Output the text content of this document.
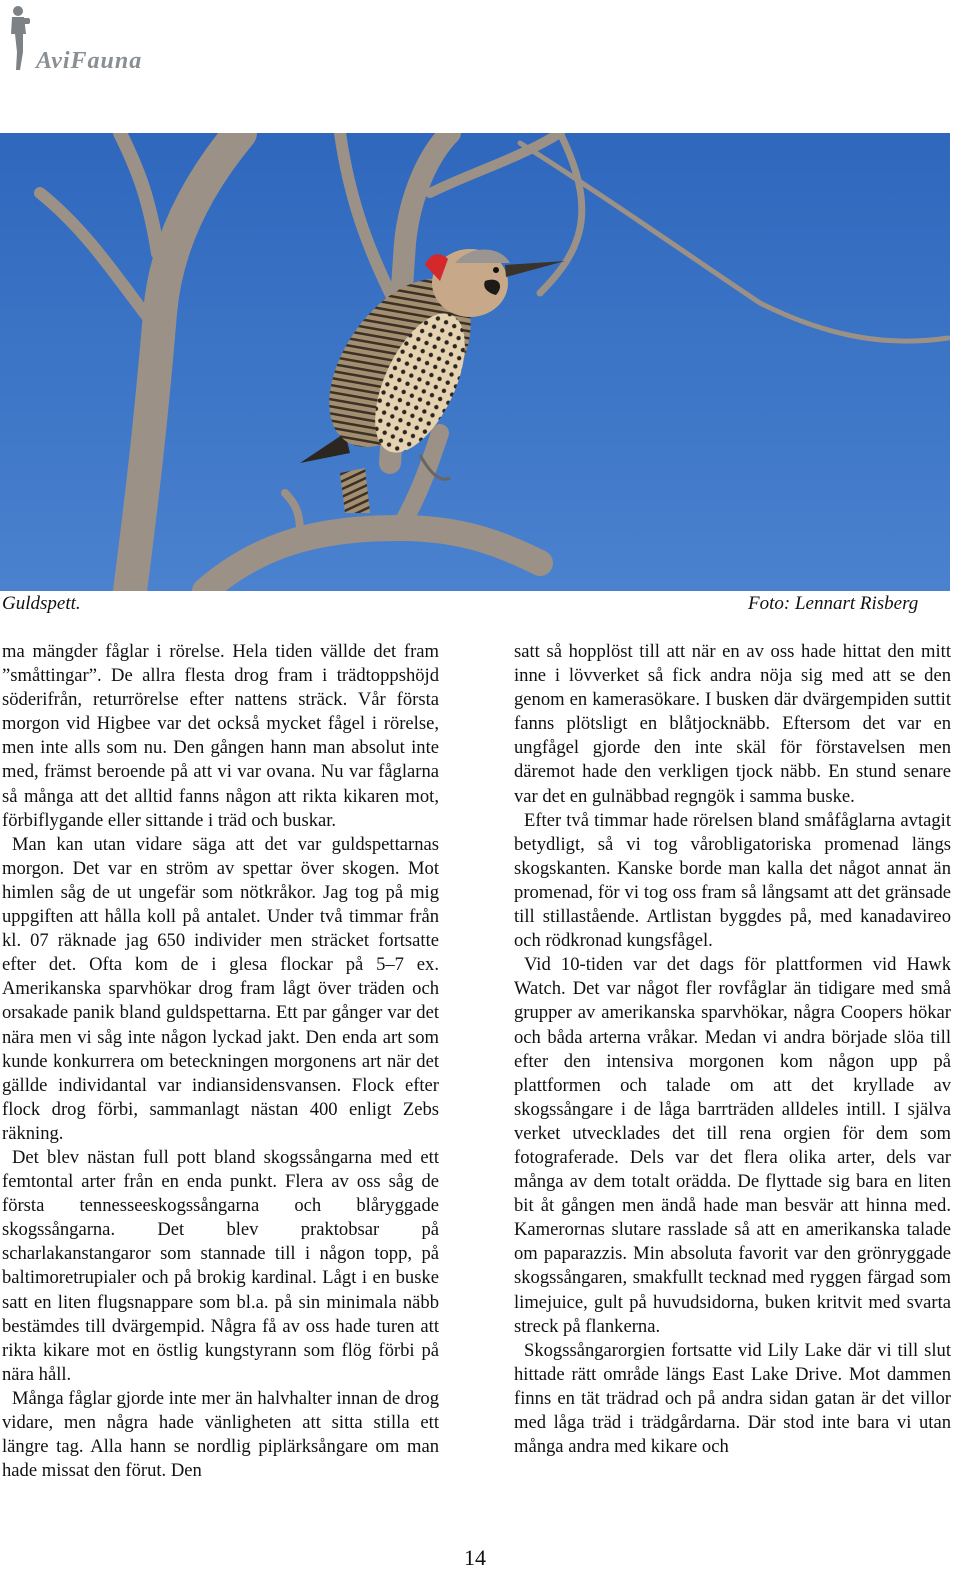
AviFauna
Guldspett.	Foto: Lennart Risberg

ma mängder fåglar i rörelse. Hela tiden vällde det fram ”småttingar”. De allra flesta drog fram i trädtoppshöjd söderifrån, returrörelse efter nattens sträck. Vår första morgon vid Higbee var det också mycket fågel i rörelse, men inte alls som nu. Den gången hann man absolut inte med, främst beroende på att vi var ovana. Nu var fåglarna så många att det alltid fanns någon att rikta kikaren mot, förbiflygande eller sittande i träd och buskar.

Man kan utan vidare säga att det var guldspettarnas morgon. Det var en ström av spettar över skogen. Mot himlen såg de ut ungefär som nötkråkor. Jag tog på mig uppgiften att hålla koll på antalet. Under två timmar från kl. 07 räknade jag 650 individer men sträcket fortsatte efter det. Ofta kom de i glesa flockar på 5–7 ex. Amerikanska sparvhökar drog fram lågt över träden och orsakade panik bland guldspettarna. Ett par gånger var det nära men vi såg inte någon lyckad jakt. Den enda art som kunde konkurrera om beteckningen morgonens art när det gällde individantal var indiansidensvansen. Flock efter flock drog förbi, sammanlagt nästan 400 enligt Zebs räkning.

Det blev nästan full pott bland skogssångarna med ett femtontal arter från en enda punkt. Flera av oss såg de första tennesseeskogssångarna och blåryggade skogssångarna. Det blev praktobsar på scharlakanstangaror som stannade till i någon topp, på baltimoretrupialer och på brokig kardinal. Lågt i en buske satt en liten flugsnappare som bl.a. på sin minimala näbb bestämdes till dvärgempid. Några få av oss hade turen att rikta kikare mot en östlig kungstyrann som flög förbi på nära håll.

Många fåglar gjorde inte mer än halvhalter innan de drog vidare, men några hade vänligheten att sitta stilla ett längre tag. Alla hann se nordlig piplärksångare om man hade missat den förut. Den

satt så hopplöst till att när en av oss hade hittat den mitt inne i lövverket så fick andra nöja sig med att se den genom en kamerasökare. I busken där dvärgempiden suttit fanns plötsligt en blåtjocknäbb. Eftersom det var en ungfågel gjorde den inte skäl för förstavelsen men däremot hade den verkligen tjock näbb. En stund senare var det en gulnäbbad regngök i samma buske.

Efter två timmar hade rörelsen bland småfåglarna avtagit betydligt, så vi tog vårobligatoriska promenad längs skogskanten. Kanske borde man kalla det något annat än promenad, för vi tog oss fram så långsamt att det gränsade till stillastående. Artlistan byggdes på, med kanadavireo och rödkronad kungsfågel.

Vid 10-tiden var det dags för plattformen vid Hawk Watch. Det var något fler rovfåglar än tidigare med små grupper av amerikanska sparvhökar, några Coopers hökar och båda arterna vråkar. Medan vi andra började slöa till efter den intensiva morgonen kom någon upp på plattformen och talade om att det kryllade av skogssångare i de låga barrträden alldeles intill. I själva verket utvecklades det till rena orgien för dem som fotograferade. Dels var det flera olika arter, dels var många av dem totalt orädda. De flyttade sig bara en liten bit åt gången men ändå hade man besvär att hinna med. Kamerornas slutare rasslade så att en amerikanska talade om paparazzis. Min absoluta favorit var den grönryggade skogssångaren, smakfullt tecknad med ryggen färgad som limejuice, gult på huvudsidorna, buken kritvit med svarta streck på flankerna.

Skogssångarorgien fortsatte vid Lily Lake där vi till slut hittade rätt område längs East Lake Drive. Mot dammen finns en tät trädrad och på andra sidan gatan är det villor med låga träd i trädgårdarna. Där stod inte bara vi utan många andra med kikare och

14
